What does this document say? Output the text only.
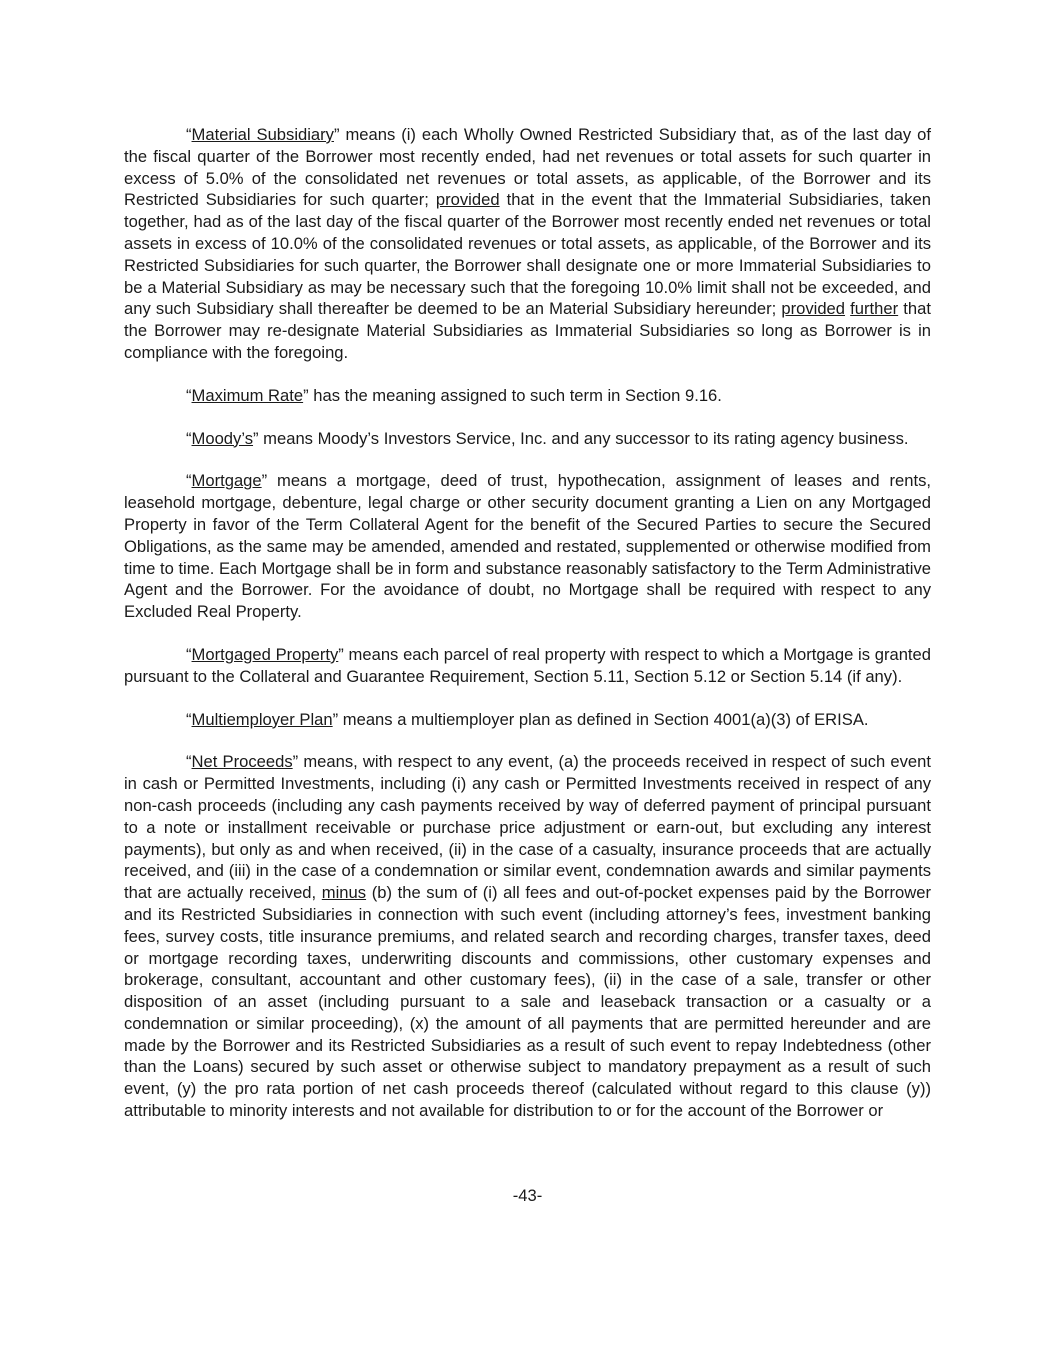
“Material Subsidiary” means (i) each Wholly Owned Restricted Subsidiary that, as of the last day of the fiscal quarter of the Borrower most recently ended, had net revenues or total assets for such quarter in excess of 5.0% of the consolidated net revenues or total assets, as applicable, of the Borrower and its Restricted Subsidiaries for such quarter; provided that in the event that the Immaterial Subsidiaries, taken together, had as of the last day of the fiscal quarter of the Borrower most recently ended net revenues or total assets in excess of 10.0% of the consolidated revenues or total assets, as applicable, of the Borrower and its Restricted Subsidiaries for such quarter, the Borrower shall designate one or more Immaterial Subsidiaries to be a Material Subsidiary as may be necessary such that the foregoing 10.0% limit shall not be exceeded, and any such Subsidiary shall thereafter be deemed to be an Material Subsidiary hereunder; provided further that the Borrower may re-designate Material Subsidiaries as Immaterial Subsidiaries so long as Borrower is in compliance with the foregoing.

“Maximum Rate” has the meaning assigned to such term in Section 9.16.

“Moody’s” means Moody’s Investors Service, Inc. and any successor to its rating agency business.

“Mortgage” means a mortgage, deed of trust, hypothecation, assignment of leases and rents, leasehold mortgage, debenture, legal charge or other security document granting a Lien on any Mortgaged Property in favor of the Term Collateral Agent for the benefit of the Secured Parties to secure the Secured Obligations, as the same may be amended, amended and restated, supplemented or otherwise modified from time to time. Each Mortgage shall be in form and substance reasonably satisfactory to the Term Administrative Agent and the Borrower. For the avoidance of doubt, no Mortgage shall be required with respect to any Excluded Real Property.

“Mortgaged Property” means each parcel of real property with respect to which a Mortgage is granted pursuant to the Collateral and Guarantee Requirement, Section 5.11, Section 5.12 or Section 5.14 (if any).

“Multiemployer Plan” means a multiemployer plan as defined in Section 4001(a)(3) of ERISA.

“Net Proceeds” means, with respect to any event, (a) the proceeds received in respect of such event in cash or Permitted Investments, including (i) any cash or Permitted Investments received in respect of any non-cash proceeds (including any cash payments received by way of deferred payment of principal pursuant to a note or installment receivable or purchase price adjustment or earn-out, but excluding any interest payments), but only as and when received, (ii) in the case of a casualty, insurance proceeds that are actually received, and (iii) in the case of a condemnation or similar event, condemnation awards and similar payments that are actually received, minus (b) the sum of (i) all fees and out-of-pocket expenses paid by the Borrower and its Restricted Subsidiaries in connection with such event (including attorney’s fees, investment banking fees, survey costs, title insurance premiums, and related search and recording charges, transfer taxes, deed or mortgage recording taxes, underwriting discounts and commissions, other customary expenses and brokerage, consultant, accountant and other customary fees), (ii) in the case of a sale, transfer or other disposition of an asset (including pursuant to a sale and leaseback transaction or a casualty or a condemnation or similar proceeding), (x) the amount of all payments that are permitted hereunder and are made by the Borrower and its Restricted Subsidiaries as a result of such event to repay Indebtedness (other than the Loans) secured by such asset or otherwise subject to mandatory prepayment as a result of such event, (y) the pro rata portion of net cash proceeds thereof (calculated without regard to this clause (y)) attributable to minority interests and not available for distribution to or for the account of the Borrower or

-43-
